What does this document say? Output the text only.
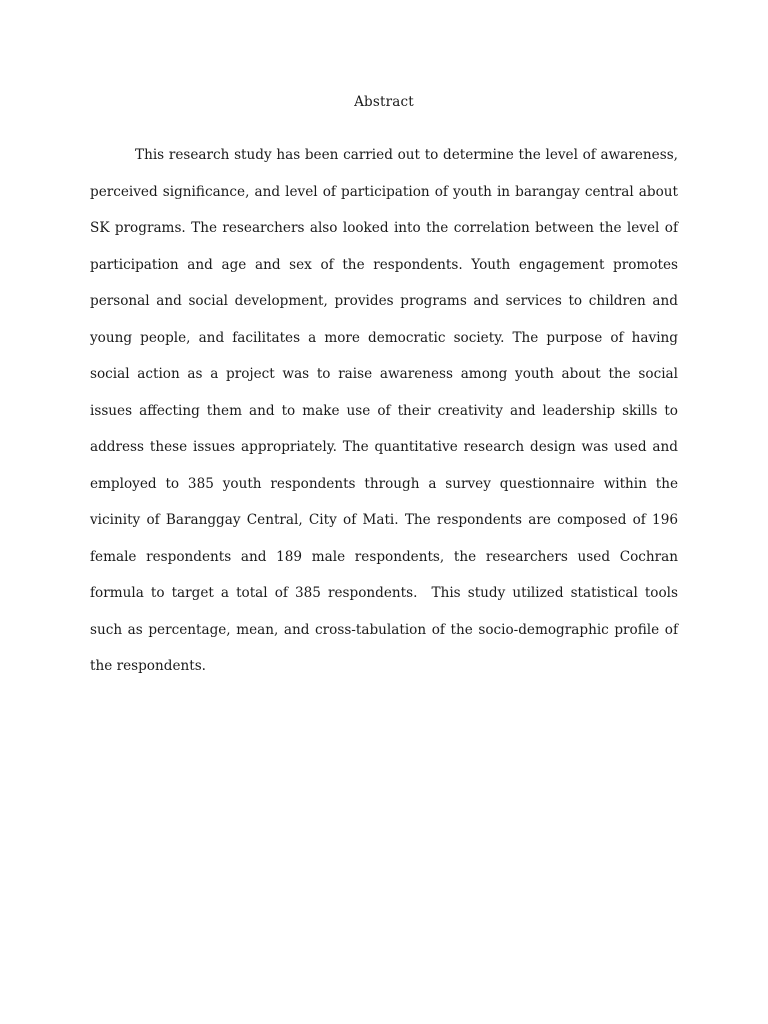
Abstract

This research study has been carried out to determine the level of awareness, perceived significance, and level of participation of youth in barangay central about SK programs. The researchers also looked into the correlation between the level of participation and age and sex of the respondents. Youth engagement promotes personal and social development, provides programs and services to children and young people, and facilitates a more democratic society. The purpose of having social action as a project was to raise awareness among youth about the social issues affecting them and to make use of their creativity and leadership skills to address these issues appropriately. The quantitative research design was used and employed to 385 youth respondents through a survey questionnaire within the vicinity of Baranggay Central, City of Mati. The respondents are composed of 196 female respondents and 189 male respondents, the researchers used Cochran formula to target a total of 385 respondents.  This study utilized statistical tools such as percentage, mean, and cross-tabulation of the socio-demographic profile of the respondents.
